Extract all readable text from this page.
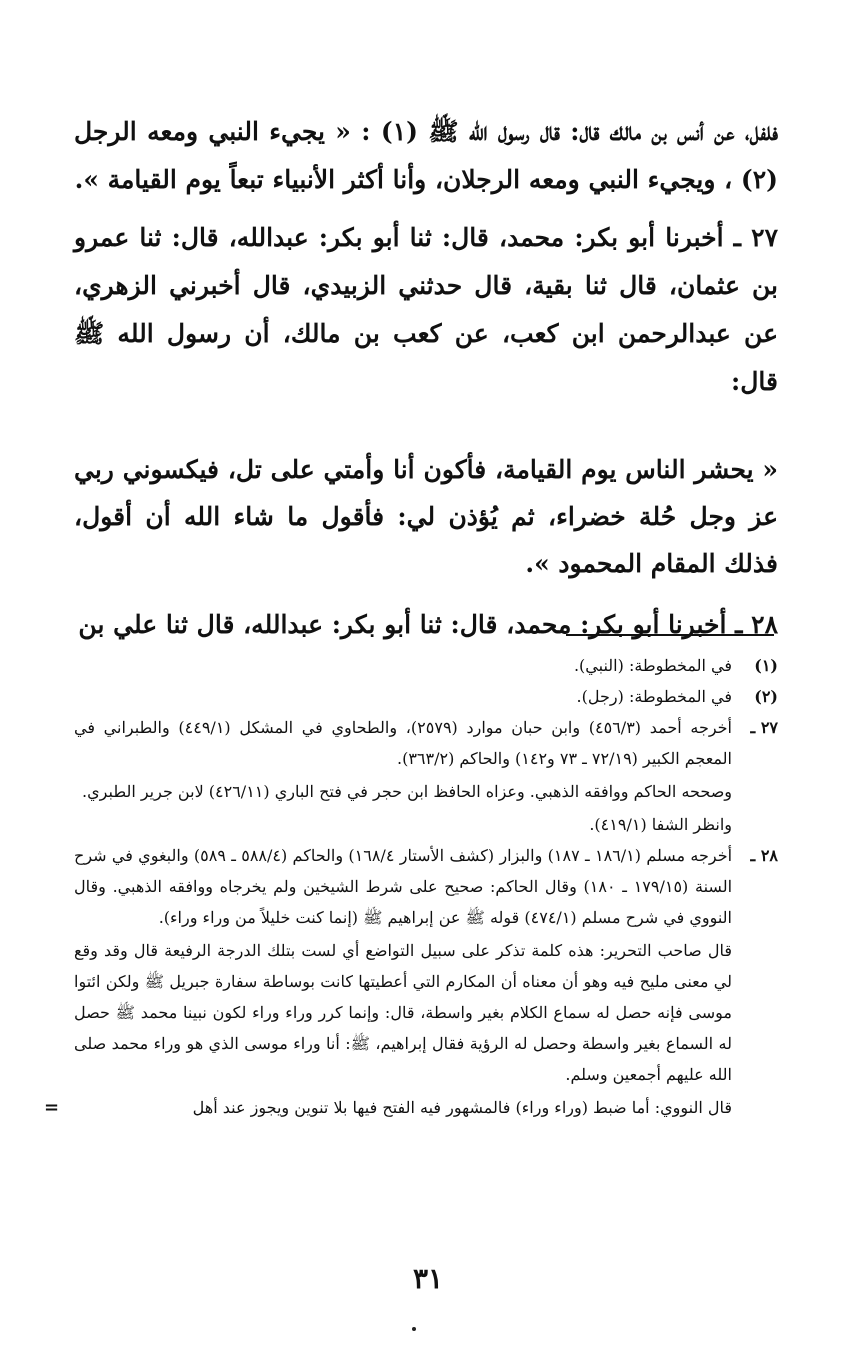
فلفل، عن أنس بن مالك قال: قال رسول الله ﷺ (١) : « يجيء النبي ومعه الرجل (٢) ، ويجيء النبي ومعه الرجلان، وأنا أكثر الأنبياء تبعاً يوم القيامة ».

٢٧ ـ أخبرنا أبو بكر: محمد، قال: ثنا أبو بكر: عبدالله، قال: ثنا عمرو بن عثمان، قال ثنا بقية، قال حدثني الزبيدي، قال أخبرني الزهري، عن عبدالرحمن ابن كعب، عن كعب بن مالك، أن رسول الله ﷺ قال:

« يحشر الناس يوم القيامة، فأكون أنا وأمتي على تل، فيكسوني ربي عز وجل حُلة خضراء، ثم يُؤذن لي: فأقول ما شاء الله أن أقول، فذلك المقام المحمود ».

٢٨ ـ أخبرنا أبو بكر: محمد، قال: ثنا أبو بكر: عبدالله، قال ثنا علي بن

(١)

في المخطوطة: (النبي).

(٢)

في المخطوطة: (رجل).

٢٧ ـ

أخرجه أحمد (٤٥٦/٣) وابن حبان موارد (٢٥٧٩)، والطحاوي في المشكل (٤٤٩/١) والطبراني في المعجم الكبير (٧٢/١٩ ـ ٧٣ و١٤٢) والحاكم (٣٦٣/٢).

وصححه الحاكم ووافقه الذهبي. وعزاه الحافظ ابن حجر في فتح الباري (٤٢٦/١١) لابن جرير الطبري.

وانظر الشفا (٤١٩/١).

٢٨ ـ

أخرجه مسلم (١٨٦/١ ـ ١٨٧) والبزار (كشف الأستار ١٦٨/٤) والحاكم (٥٨٨/٤ ـ ٥٨٩) والبغوي في شرح السنة (١٧٩/١٥ ـ ١٨٠) وقال الحاكم: صحيح على شرط الشيخين ولم يخرجاه ووافقه الذهبي. وقال النووي في شرح مسلم (٤٧٤/١) قوله ﷺ عن إبراهيم ﷺ (إنما كنت خليلاً من وراء وراء).

قال صاحب التحرير: هذه كلمة تذكر على سبيل التواضع أي لست بتلك الدرجة الرفيعة قال وقد وقع لي معنى مليح فيه وهو أن معناه أن المكارم التي أعطيتها كانت بوساطة سفارة جبريل ﷺ ولكن ائتوا موسى فإنه حصل له سماع الكلام بغير واسطة، قال: وإنما كرر وراء وراء لكون نبينا محمد ﷺ حصل له السماع بغير واسطة وحصل له الرؤية فقال إبراهيم، ﷺ: أنا وراء موسى الذي هو وراء محمد صلى الله عليهم أجمعين وسلم.

قال النووي: أما ضبط (وراء وراء) فالمشهور فيه الفتح فيها بلا تنوين ويجوز عند أهل

=
٣١
